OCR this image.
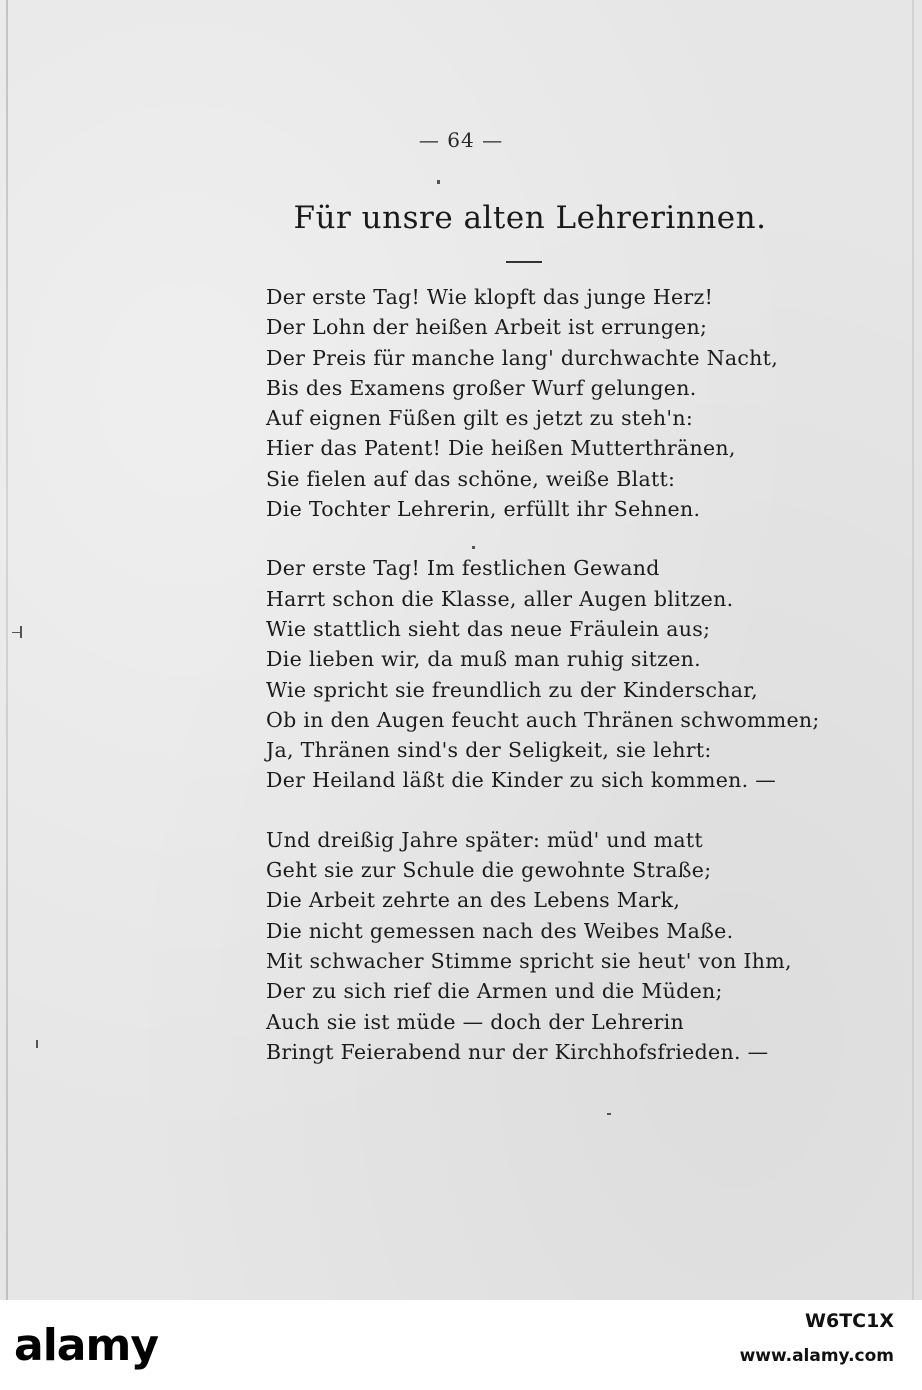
— 64 —
Für unsre alten Lehrerinnen.
Der erste Tag! Wie klopft das junge Herz!
Der Lohn der heißen Arbeit ist errungen;
Der Preis für manche lang' durchwachte Nacht,
Bis des Examens großer Wurf gelungen.
Auf eignen Füßen gilt es jetzt zu steh'n:
Hier das Patent! Die heißen Mutterthränen,
Sie fielen auf das schöne, weiße Blatt:
Die Tochter Lehrerin, erfüllt ihr Sehnen.
Der erste Tag! Im festlichen Gewand
Harrt schon die Klasse, aller Augen blitzen.
Wie stattlich sieht das neue Fräulein aus;
Die lieben wir, da muß man ruhig sitzen.
Wie spricht sie freundlich zu der Kinderschar,
Ob in den Augen feucht auch Thränen schwommen;
Ja, Thränen sind's der Seligkeit, sie lehrt:
Der Heiland läßt die Kinder zu sich kommen. —
Und dreißig Jahre später: müd' und matt
Geht sie zur Schule die gewohnte Straße;
Die Arbeit zehrte an des Lebens Mark,
Die nicht gemessen nach des Weibes Maße.
Mit schwacher Stimme spricht sie heut' von Ihm,
Der zu sich rief die Armen und die Müden;
Auch sie ist müde — doch der Lehrerin
Bringt Feierabend nur der Kirchhofsfrieden. —
alamy	W6TC1X
www.alamy.com
